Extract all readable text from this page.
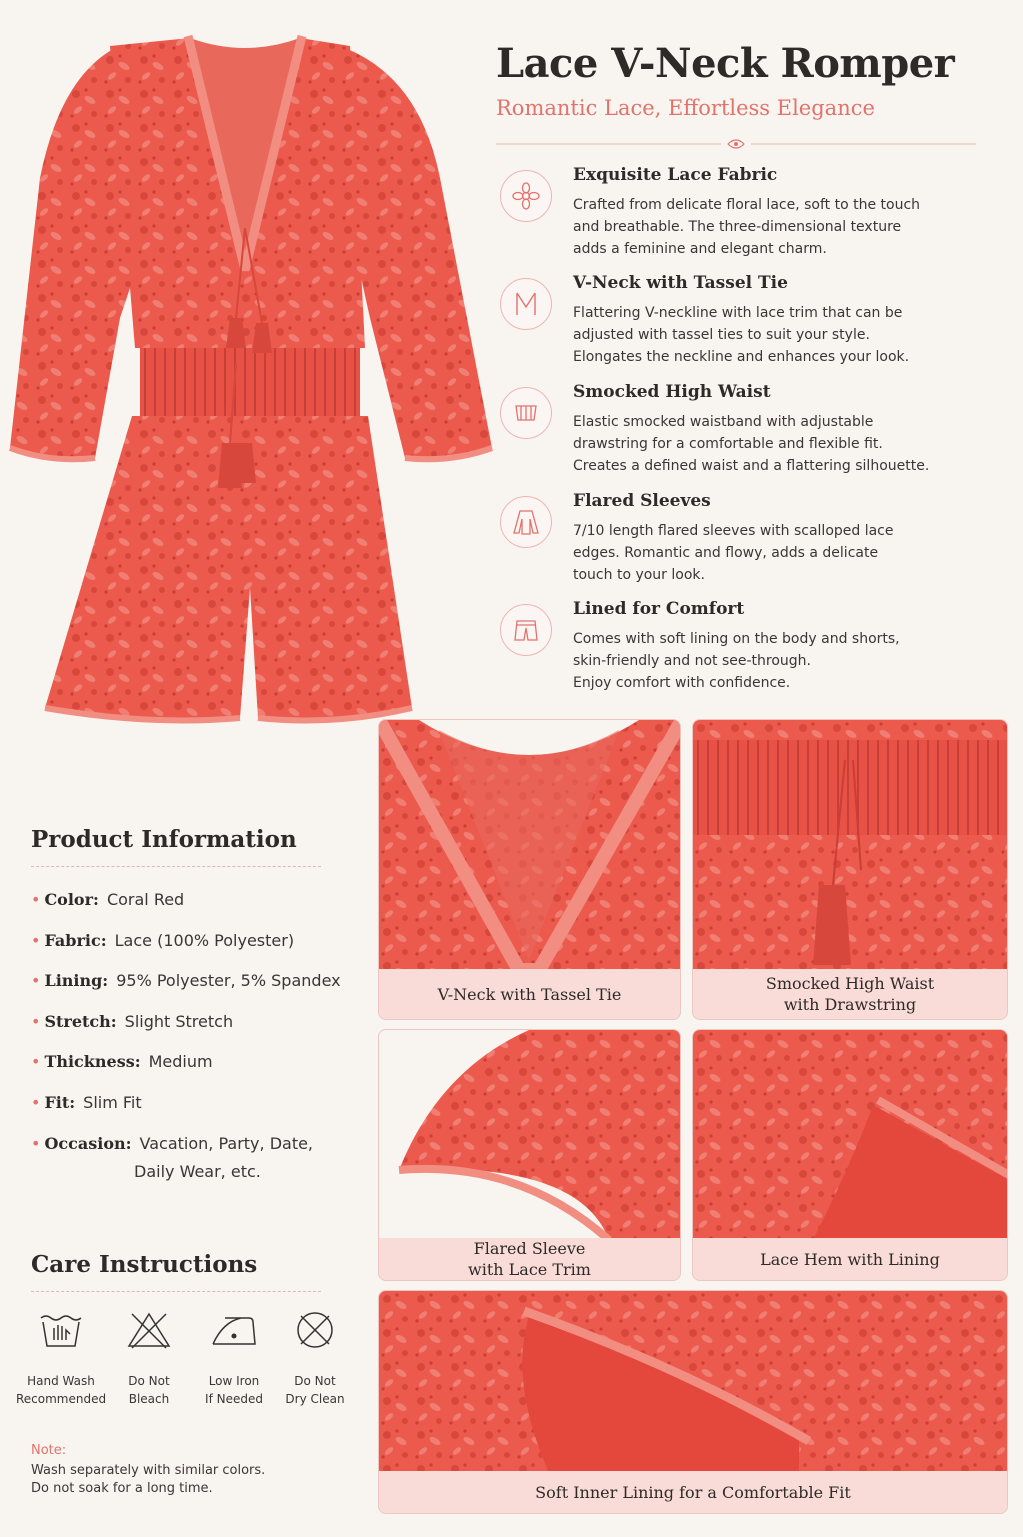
Lace V-Neck Romper
Romantic Lace, Effortless Elegance
Exquisite Lace Fabric
Crafted from delicate floral lace, soft to the touch
and breathable. The three-dimensional texture
adds a feminine and elegant charm.
V-Neck with Tassel Tie
Flattering V-neckline with lace trim that can be
adjusted with tassel ties to suit your style.
Elongates the neckline and enhances your look.
Smocked High Waist
Elastic smocked waistband with adjustable
drawstring for a comfortable and flexible fit.
Creates a defined waist and a flattering silhouette.
Flared Sleeves
7/10 length flared sleeves with scalloped lace
edges. Romantic and flowy, adds a delicate
touch to your look.
Lined for Comfort
Comes with soft lining on the body and shorts,
skin-friendly and not see-through.
Enjoy comfort with confidence.
Product Information
• Color: Coral Red
• Fabric: Lace (100% Polyester)
• Lining: 95% Polyester, 5% Spandex
• Stretch: Slight Stretch
• Thickness: Medium
• Fit: Slim Fit
• Occasion: Vacation, Party, Date,
Daily Wear, etc.
Care Instructions
Hand Wash
Recommended
Do Not
Bleach
Low Iron
If Needed
Do Not
Dry Clean
Note:
Wash separately with similar colors.
Do not soak for a long time.
V-Neck with Tassel Tie
Smocked High Waist
with Drawstring
Flared Sleeve
with Lace Trim
Lace Hem with Lining
Soft Inner Lining for a Comfortable Fit
